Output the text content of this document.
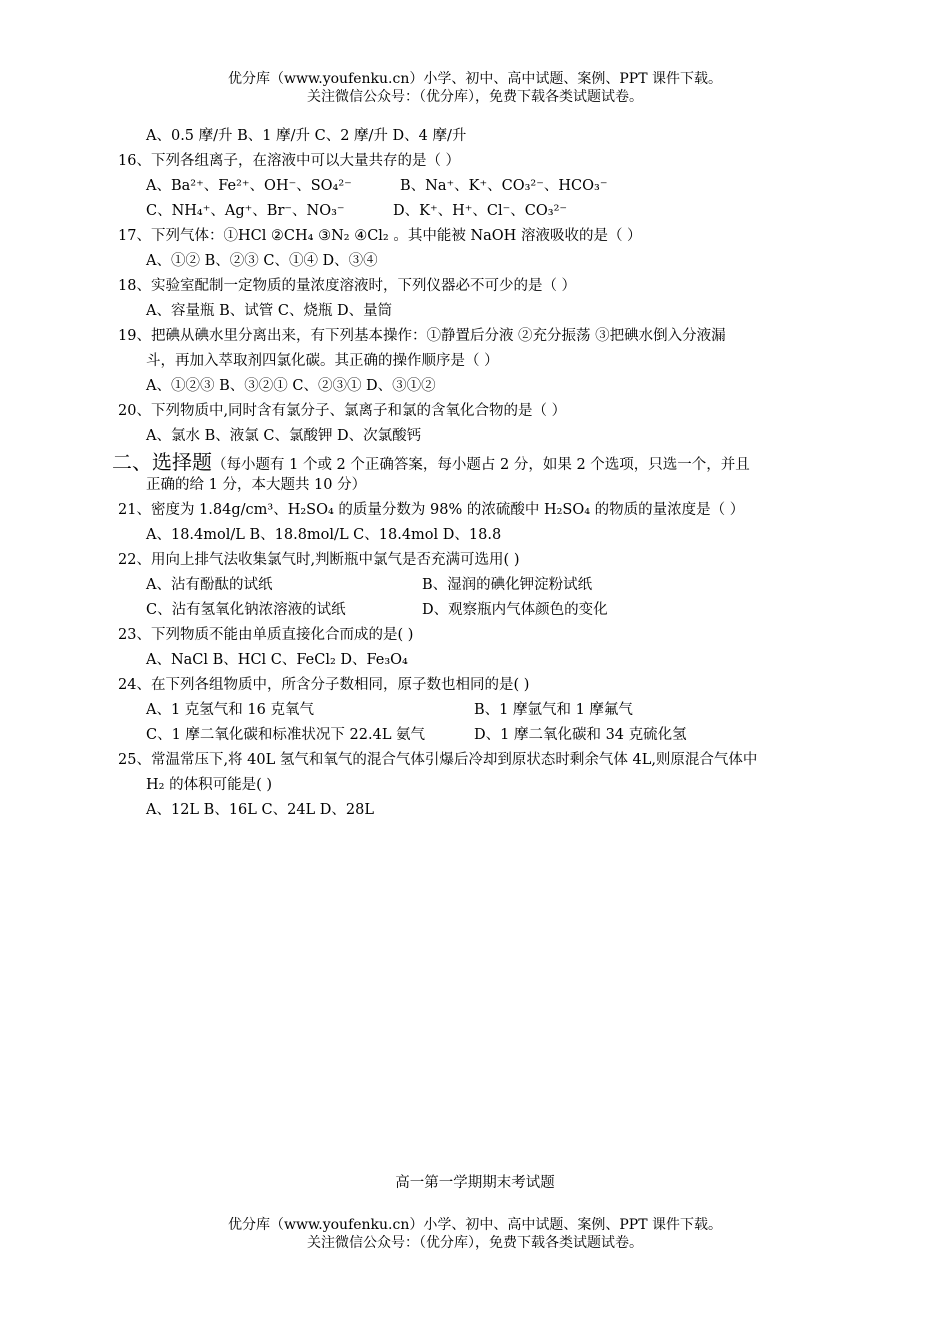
优分库（www.youfenku.cn）小学、初中、高中试题、案例、PPT 课件下载。
关注微信公众号：（优分库），免费下载各类试题试卷。
A、0.5 摩/升 B、1 摩/升 C、2 摩/升 D、4 摩/升
16、下列各组离子，在溶液中可以大量共存的是（ ）
A、Ba²⁺、Fe²⁺、OH⁻、SO₄²⁻	B、Na⁺、K⁺、CO₃²⁻、HCO₃⁻
C、NH₄⁺、Ag⁺、Br⁻、NO₃⁻	D、K⁺、H⁺、Cl⁻、CO₃²⁻
17、下列气体：①HCl ②CH₄ ③N₂ ④Cl₂ 。其中能被 NaOH 溶液吸收的是（ ）
A、①② B、②③ C、①④ D、③④
18、实验室配制一定物质的量浓度溶液时，下列仪器必不可少的是（ ）
A、容量瓶 B、试管 C、烧瓶 D、量筒
19、把碘从碘水里分离出来，有下列基本操作：①静置后分液 ②充分振荡 ③把碘水倒入分液漏
斗，再加入萃取剂四氯化碳。其正确的操作顺序是（ ）
A、①②③ B、③②① C、②③① D、③①②
20、下列物质中,同时含有氯分子、氯离子和氯的含氧化合物的是（ ）
A、氯水 B、液氯 C、氯酸钾 D、次氯酸钙
二、选择题（每小题有 1 个或 2 个正确答案，每小题占 2 分，如果 2 个选项，只选一个，并且
正确的给 1 分，本大题共 10 分）
21、密度为 1.84g/cm³、H₂SO₄ 的质量分数为 98% 的浓硫酸中 H₂SO₄ 的物质的量浓度是（ ）
A、18.4mol/L B、18.8mol/L C、18.4mol D、18.8
22、用向上排气法收集氯气时,判断瓶中氯气是否充满可选用( )
A、沾有酚酞的试纸	B、湿润的碘化钾淀粉试纸
C、沾有氢氧化钠浓溶液的试纸	D、观察瓶内气体颜色的变化
23、下列物质不能由单质直接化合而成的是( )
A、NaCl B、HCl C、FeCl₂ D、Fe₃O₄
24、在下列各组物质中，所含分子数相同，原子数也相同的是( )
A、1 克氢气和 16 克氧气	B、1 摩氩气和 1 摩氟气
C、1 摩二氧化碳和标准状况下 22.4L 氨气	D、1 摩二氧化碳和 34 克硫化氢
25、常温常压下,将 40L 氢气和氧气的混合气体引爆后冷却到原状态时剩余气体 4L,则原混合气体中
H₂ 的体积可能是( )
A、12L B、16L C、24L D、28L
高一第一学期期末考试题
优分库（www.youfenku.cn）小学、初中、高中试题、案例、PPT 课件下载。
关注微信公众号：（优分库），免费下载各类试题试卷。
